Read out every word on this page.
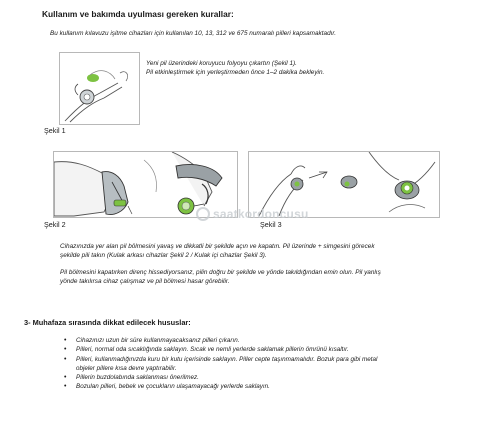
Kullanım ve bakımda uyulması gereken kurallar:
Bu kullanım kılavuzu işitme cihazları için kullanılan 10, 13, 312 ve 675 numaralı pilleri kapsamaktadır.
Şekil 1
Yeni pil üzerindeki koruyucu folyoyu çıkartın (Şekil 1).
Pil etkinleştirmek için yerleştirmeden önce 1–2 dakika bekleyin.
Şekil 2	Şekil 3
saatkordoncusu
Cihazınızda yer alan pil bölmesini yavaş ve dikkatli bir şekilde açın ve kapatın. Pil üzerinde + simgesini görecek
şekilde pili takın (Kulak arkası cihazlar Şekil 2 / Kulak içi cihazlar Şekil 3).
Pil bölmesini kapatırken direnç hissediyorsanız, pilin doğru bir şekilde ve yönde takıldığından emin olun. Pil yanlış
yönde takılırsa cihaz çalışmaz ve pil bölmesi hasar görebilir.
3- Muhafaza sırasında dikkat edilecek hususlar:
• Cihazınızı uzun bir süre kullanmayacaksanız pilleri çıkarın.
• Pilleri, normal oda sıcaklığında saklayın. Sıcak ve nemli yerlerde saklamak pillerin ömrünü kısaltır.
• Pilleri, kullanmadığınızda kuru bir kutu içerisinde saklayın. Piller cepte taşınmamalıdır. Bozuk para gibi metal
objeler pillere kısa devre yaptırabilir.
• Pillerin buzdolabında saklanması önerilmez.
• Bozulan pilleri, bebek ve çocukların ulaşamayacağı yerlerde saklayın.
